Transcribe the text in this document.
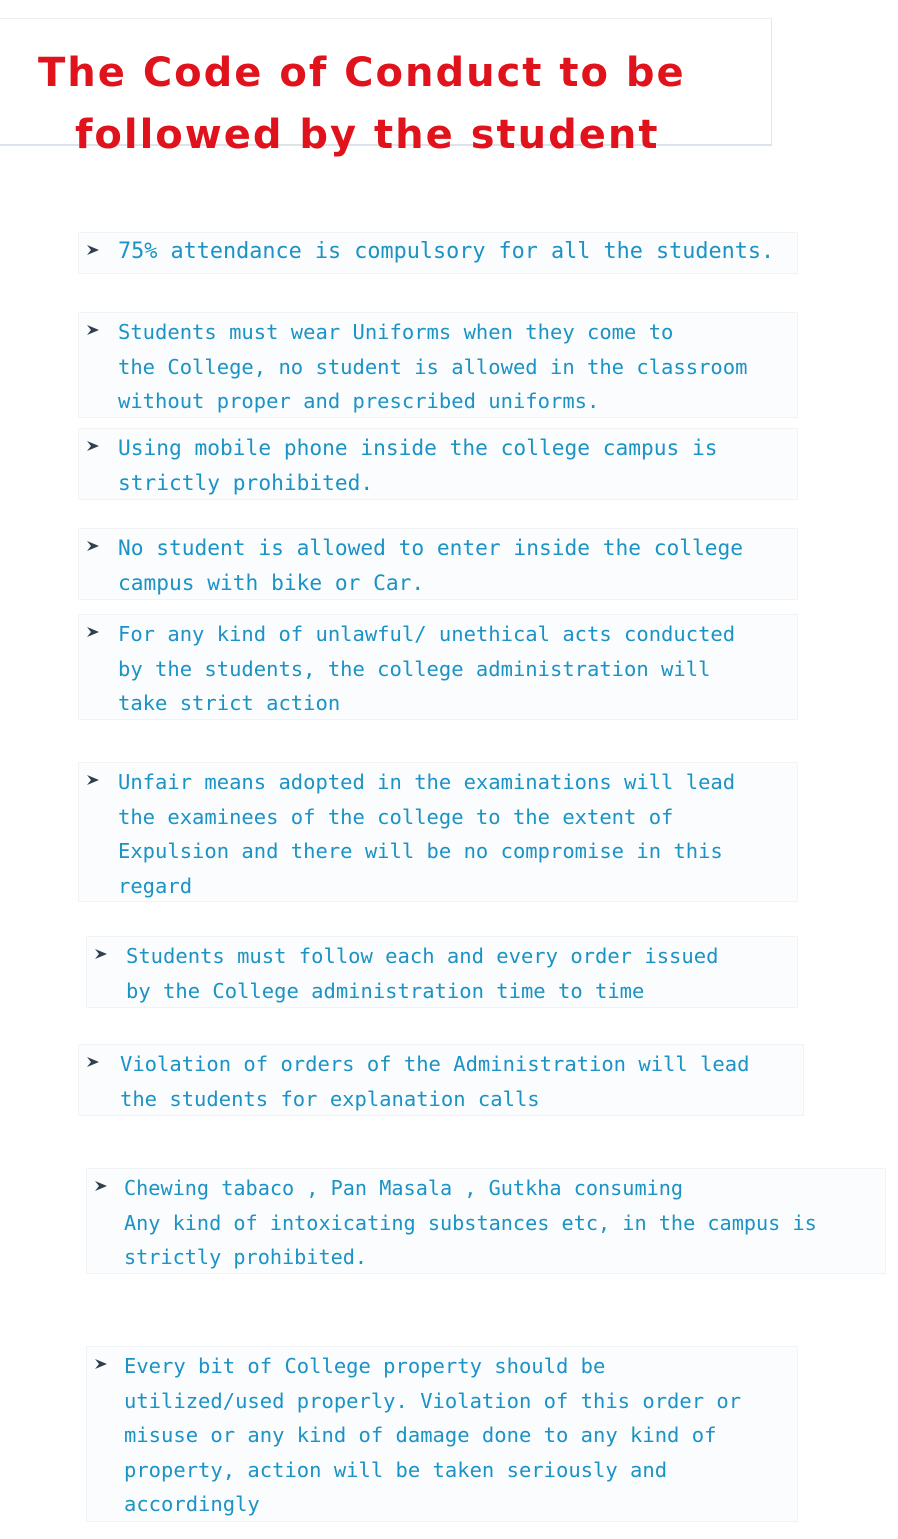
The Code of Conduct to be
followed by the student

75% attendance is compulsory for all the students.

Students must wear Uniforms when they come to
the College, no student is allowed in the classroom
without proper and prescribed uniforms.

Using mobile phone inside the college campus is
strictly prohibited.

No student is allowed to enter inside the college
campus with bike or Car.

For any kind of unlawful/ unethical acts conducted
by the students, the college administration will
take strict action

Unfair means adopted in the examinations will lead
the examinees of the college to the extent of
Expulsion and there will be no compromise in this
regard

Students must follow each and every order issued
by the College administration time to time

Violation of orders of the Administration will lead
the students for explanation calls

Chewing tabaco , Pan Masala , Gutkha consuming
Any kind of intoxicating substances etc, in the campus is
strictly prohibited.

Every bit of College property should be
utilized/used properly. Violation of this order or
misuse or any kind of damage done to any kind of
property, action will be taken seriously and
accordingly
